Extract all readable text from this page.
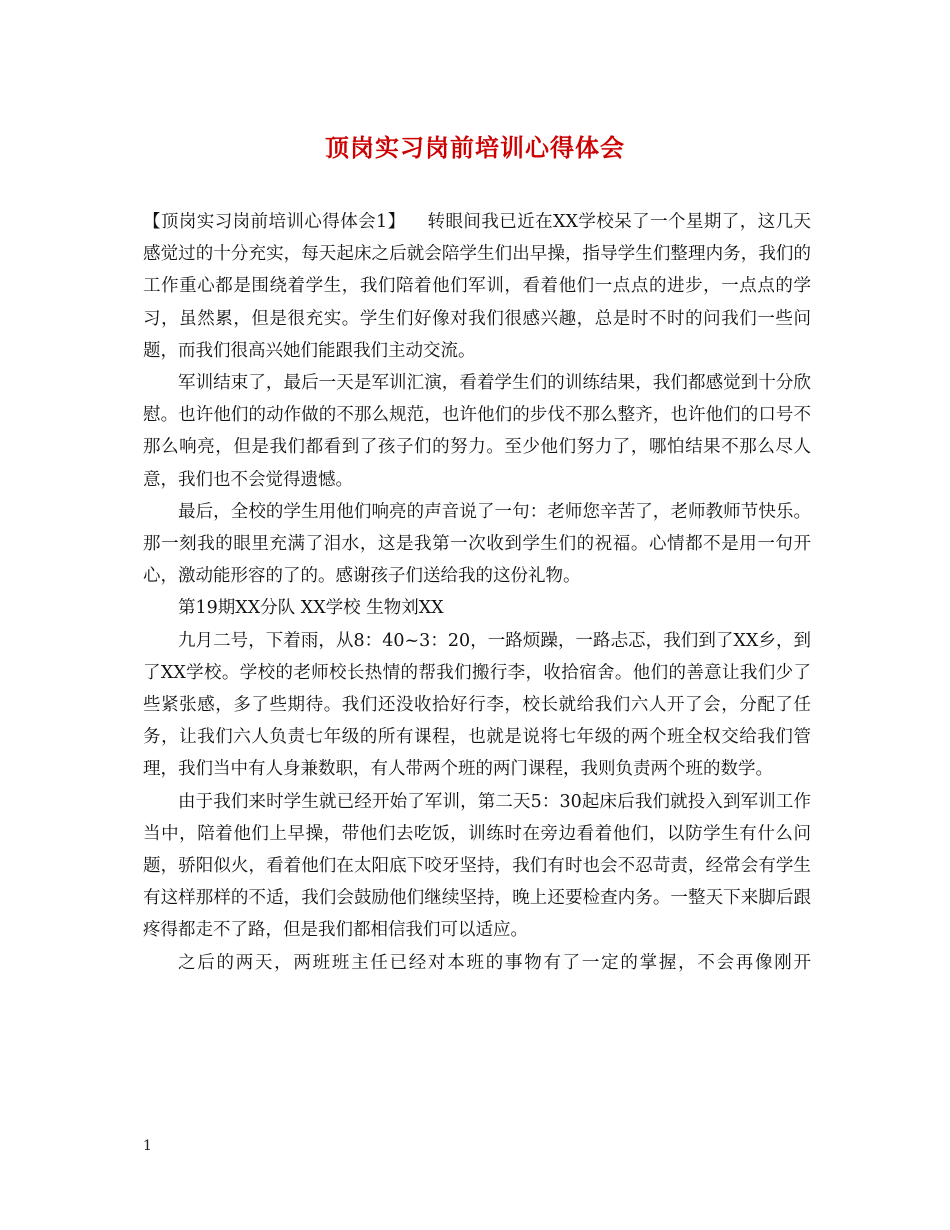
顶岗实习岗前培训心得体会

【顶岗实习岗前培训心得体会1】 转眼间我已近在XX学校呆了一个星期了，这几天感觉过的十分充实，每天起床之后就会陪学生们出早操，指导学生们整理内务，我们的工作重心都是围绕着学生，我们陪着他们军训，看着他们一点点的进步，一点点的学习，虽然累，但是很充实。学生们好像对我们很感兴趣，总是时不时的问我们一些问题，而我们很高兴她们能跟我们主动交流。

军训结束了，最后一天是军训汇演，看着学生们的训练结果，我们都感觉到十分欣慰。也许他们的动作做的不那么规范，也许他们的步伐不那么整齐，也许他们的口号不那么响亮，但是我们都看到了孩子们的努力。至少他们努力了，哪怕结果不那么尽人意，我们也不会觉得遗憾。

最后，全校的学生用他们响亮的声音说了一句：老师您辛苦了，老师教师节快乐。那一刻我的眼里充满了泪水，这是我第一次收到学生们的祝福。心情都不是用一句开心，激动能形容的了的。感谢孩子们送给我的这份礼物。

第19期XX分队 XX学校 生物刘XX

九月二号，下着雨，从8：40~3：20，一路烦躁，一路忐忑，我们到了XX乡，到了XX学校。学校的老师校长热情的帮我们搬行李，收拾宿舍。他们的善意让我们少了些紧张感，多了些期待。我们还没收拾好行李，校长就给我们六人开了会，分配了任务，让我们六人负责七年级的所有课程，也就是说将七年级的两个班全权交给我们管理，我们当中有人身兼数职，有人带两个班的两门课程，我则负责两个班的数学。

由于我们来时学生就已经开始了军训，第二天5：30起床后我们就投入到军训工作当中，陪着他们上早操，带他们去吃饭，训练时在旁边看着他们，以防学生有什么问题，骄阳似火，看着他们在太阳底下咬牙坚持，我们有时也会不忍苛责，经常会有学生有这样那样的不适，我们会鼓励他们继续坚持，晚上还要检查内务。一整天下来脚后跟疼得都走不了路，但是我们都相信我们可以适应。

之后的两天，两班班主任已经对本班的事物有了一定的掌握，不会再像刚开

1
